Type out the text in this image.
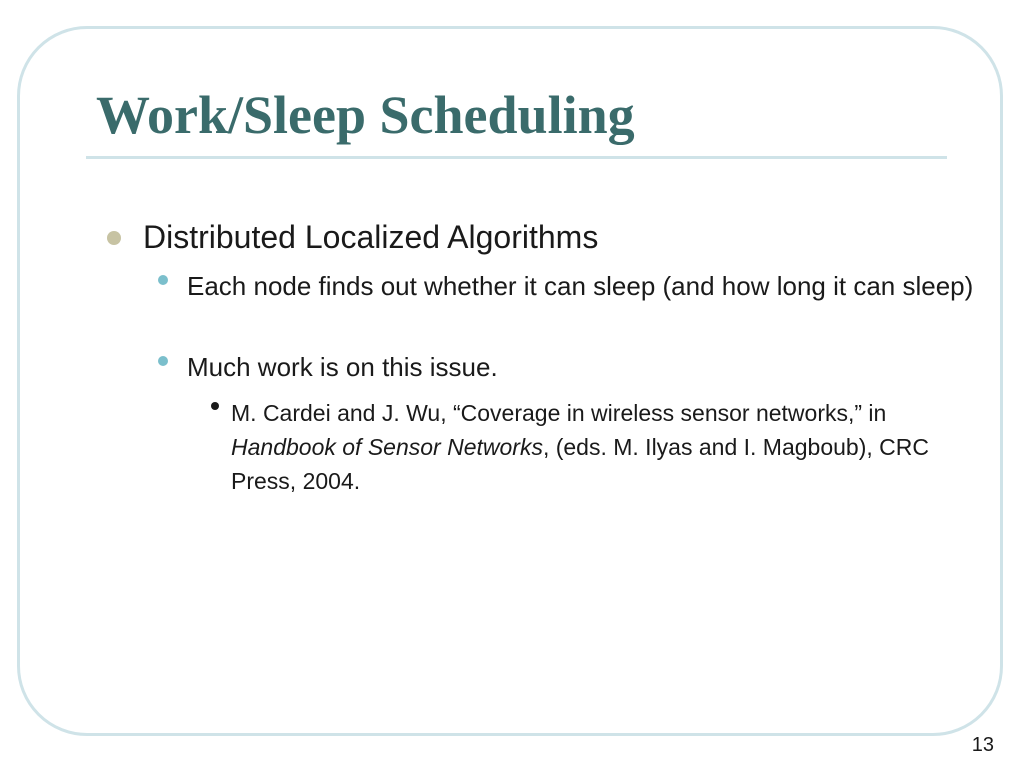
Work/Sleep Scheduling
Distributed Localized Algorithms
Each node finds out whether it can sleep (and how long it can sleep)
Much work is on this issue.
M. Cardei and J. Wu, “Coverage in wireless sensor networks,” in Handbook of Sensor Networks, (eds. M. Ilyas and I. Magboub), CRC Press, 2004.
13
